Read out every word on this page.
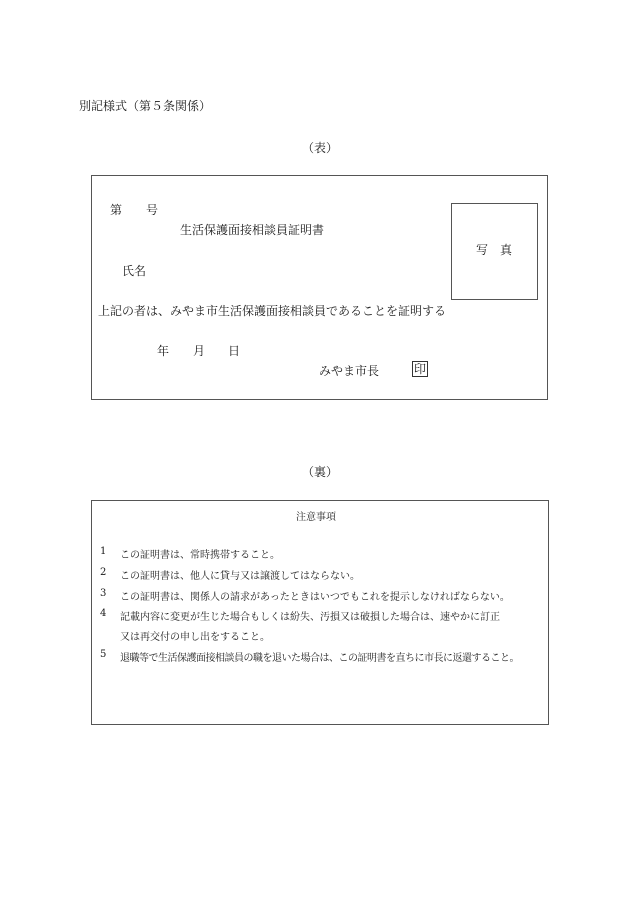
別記様式（第５条関係）
（表）
第 号
生活保護面接相談員証明書
写　真
氏名
上記の者は、みやま市生活保護面接相談員であることを証明する
年 月 日
みやま市長	印
（裏）
注意事項
1 この証明書は、常時携帯すること。
2 この証明書は、他人に貸与又は譲渡してはならない。
3 この証明書は、関係人の請求があったときはいつでもこれを提示しなければならない。
4 記載内容に変更が生じた場合もしくは紛失、汚損又は破損した場合は、速やかに訂正
又は再交付の申し出をすること。
5 退職等で生活保護面接相談員の職を退いた場合は、この証明書を直ちに市長に返還すること。
